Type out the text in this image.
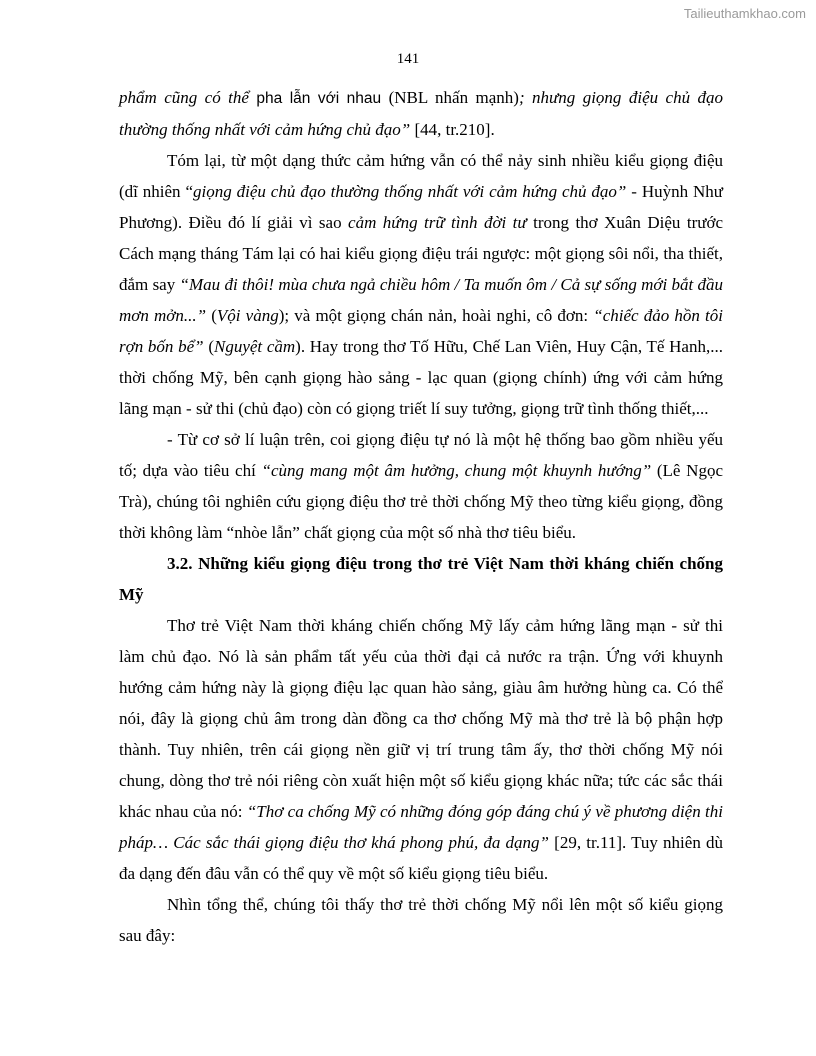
Tailieuthamkhao.com
141

phẩm cũng có thể pha lẫn với nhau (NBL nhấn mạnh); nhưng giọng điệu chủ đạo thường thống nhất với cảm hứng chủ đạo” [44, tr.210].

Tóm lại, từ một dạng thức cảm hứng vẫn có thể nảy sinh nhiều kiểu giọng điệu (dĩ nhiên “giọng điệu chủ đạo thường thống nhất với cảm hứng chủ đạo” - Huỳnh Như Phương). Điều đó lí giải vì sao cảm hứng trữ tình đời tư trong thơ Xuân Diệu trước Cách mạng tháng Tám lại có hai kiểu giọng điệu trái ngược: một giọng sôi nổi, tha thiết, đắm say “Mau đi thôi! mùa chưa ngả chiều hôm / Ta muốn ôm / Cả sự sống mới bắt đầu mơn mởn...” (Vội vàng); và một giọng chán nản, hoài nghi, cô đơn: “chiếc đảo hồn tôi rợn bốn bể” (Nguyệt cầm). Hay trong thơ Tố Hữu, Chế Lan Viên, Huy Cận, Tế Hanh,... thời chống Mỹ, bên cạnh giọng hào sảng - lạc quan (giọng chính) ứng với cảm hứng lãng mạn - sử thi (chủ đạo) còn có giọng triết lí suy tưởng, giọng trữ tình thống thiết,...

- Từ cơ sở lí luận trên, coi giọng điệu tự nó là một hệ thống bao gồm nhiều yếu tố; dựa vào tiêu chí “cùng mang một âm hưởng, chung một khuynh hướng” (Lê Ngọc Trà), chúng tôi nghiên cứu giọng điệu thơ trẻ thời chống Mỹ theo từng kiểu giọng, đồng thời không làm “nhòe lẫn” chất giọng của một số nhà thơ tiêu biểu.

3.2. Những kiểu giọng điệu trong thơ trẻ Việt Nam thời kháng chiến chống Mỹ

Thơ trẻ Việt Nam thời kháng chiến chống Mỹ lấy cảm hứng lãng mạn - sử thi làm chủ đạo. Nó là sản phẩm tất yếu của thời đại cả nước ra trận. Ứng với khuynh hướng cảm hứng này là giọng điệu lạc quan hào sảng, giàu âm hưởng hùng ca. Có thể nói, đây là giọng chủ âm trong dàn đồng ca thơ chống Mỹ mà thơ trẻ là bộ phận hợp thành. Tuy nhiên, trên cái giọng nền giữ vị trí trung tâm ấy, thơ thời chống Mỹ nói chung, dòng thơ trẻ nói riêng còn xuất hiện một số kiểu giọng khác nữa; tức các sắc thái khác nhau của nó: “Thơ ca chống Mỹ có những đóng góp đáng chú ý về phương diện thi pháp… Các sắc thái giọng điệu thơ khá phong phú, đa dạng” [29, tr.11]. Tuy nhiên dù đa dạng đến đâu vẫn có thể quy về một số kiểu giọng tiêu biểu.

Nhìn tổng thể, chúng tôi thấy thơ trẻ thời chống Mỹ nổi lên một số kiểu giọng sau đây:
